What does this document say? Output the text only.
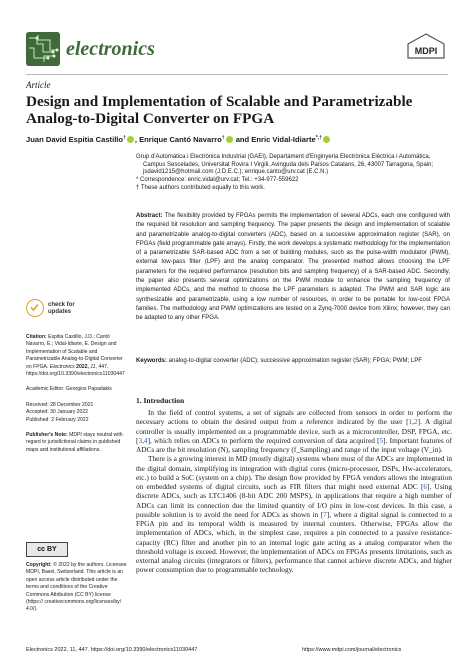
electronics	MDPI
Article
Design and Implementation of Scalable and Parametrizable Analog-to-Digital Converter on FPGA
Juan David Espitia Castillo† , Enrique Cantó Navarro† and Enric Vidal-Idiarte*,†
Grup d'Automàtica i Electrònica Industrial (GAEI), Departament d'Enginyeria Electrònica Elèctrica i Automàtica,
Campus Sescelades, Universitat Rovira I Virgili, Avinguda dels Països Catalans, 26, 43007 Tarragona, Spain;
jsdavid1215@hotmail.com (J.D.E.C.); enrique.canto@urv.cat (E.C.N.)
* Correspondence: enric.vidal@urv.cat; Tel.: +34-977-559622
† These authors contributed equally to this work.
Abstract: The flexibility provided by FPGAs permits the implementation of several ADCs, each one configured with the required bit resolution and sampling frequency. The paper presents the design and implementation of scalable and parametrizable analog-to-digital converters (ADC), based on a successive approximation register (SAR), on FPGAs (field programmable gate arrays). Firstly, the work develops a systematic methodology for the implementation of a parametrizable SAR-based ADC from a set of building modules, such as the pulse-width modulator (PWM), external low-pass filter (LPF) and the analog comparator. The presented method allows choosing the LPF parameters for the required performance (resolution bits and sampling frequency) of a SAR-based ADC. Secondly, the paper also presents several optimizations on the PWM module to enhance the sampling frequency of implemented ADCs, and the method to choose the LPF parameters is adapted. The PWM and SAR logic are synthesizable and parametrizable, using a low number of resources, in order to be portable for low-cost FPGA families. The methodology and PWM optimizations are tested on a Zynq-7000 device from Xilinx; however, they can be adapted to any other FPGA.
Keywords: analog-to-digital converter (ADC); successive approximation register (SAR); FPGA; PWM; LPF
check for
updates
Citation: Espitia Castillo, J.D.; Cantó Navarro, E.; Vidal-Idiarte, E. Design and Implementation of Scalable and Parametrizable Analog-to-Digital Converter on FPGA. Electronics 2022, 11, 447. https://doi.org/10.3390/electronics11030447
Academic Editor: Georgios Papadakis
Received: 28 December 2021
Accepted: 30 January 2022
Published: 2 February 2022
Publisher's Note: MDPI stays neutral with regard to jurisdictional claims in published maps and institutional affiliations.
cc BY
Copyright: © 2022 by the authors. Licensee MDPI, Basel, Switzerland. This article is an open access article distributed under the terms and conditions of the Creative Commons Attribution (CC BY) license (https:// creativecommons.org/licenses/by/ 4.0/).
1. Introduction

In the field of control systems, a set of signals are collected from sensors in order to perform the necessary actions to obtain the desired output from a reference indicated by the user [1,2]. A digital controller is usually implemented on a programmable device, such as a microcontroller, DSP, FPGA, etc. [3,4], which relies on ADCs to perform the required conversion of data acquired [5]. Important features of ADCs are the bit resolution (N), sampling frequency (f_Sampling) and range of the input voltage (V_in).

There is a growing interest in MD (mostly digital) systems where most of the ADCs are implemented in the digital domain, simplifying its integration with digital cores (micro-processor, DSPs, Hw-accelerators, etc.) to build a SoC (system on a chip). The design flow provided by FPGA vendors allows the integration on embedded systems of digital circuits, such as FIR filters that might need external ADC [6]. Using discrete ADCs, such as LTC1406 (8-bit ADC 200 MSPS), in applications that require a high number of ADCs can limit its connection due the limited quantity of I/O pins in low-cost devices. In this case, a possible solution is to avoid the need for ADCs as shown in [7], where a digital signal is connected to a FPGA pin and its temporal width is measured by internal counters. Otherwise, FPGAs allow the implementation of ADCs, which, in the simplest case, requires a pin connected to a passive resistance-capacity (RC) filter and another pin to an internal logic gate acting as a analog comparator when the threshold voltage is exceed. However, the implementation of ADCs on FPGAs presents limitations, such as external analog circuits (integrators or filters), performance that cannot achieve discrete ADCs, and higher power consumption due to programmable technology.

Electronics 2022, 11, 447. https://doi.org/10.3390/electronics11030447	https://www.mdpi.com/journal/electronics
